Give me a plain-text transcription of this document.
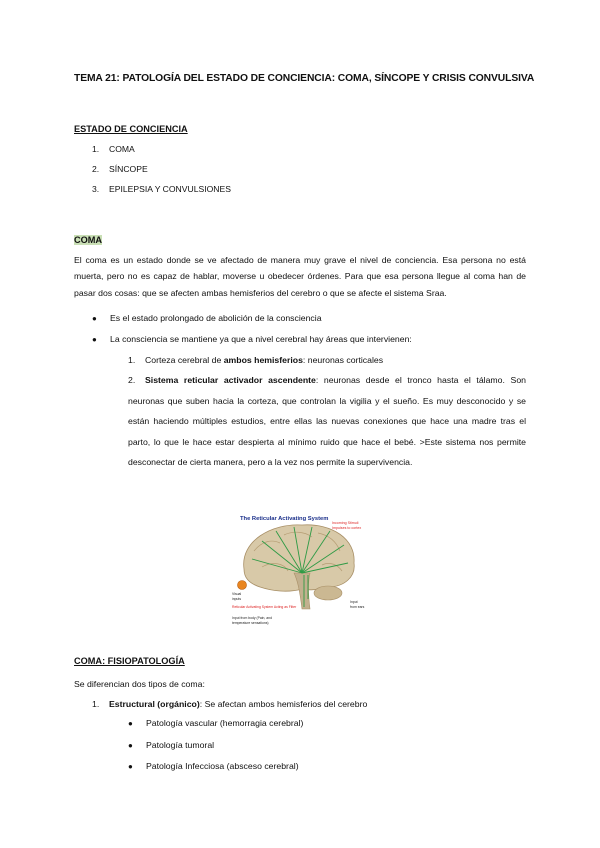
TEMA 21: PATOLOGÍA DEL ESTADO DE CONCIENCIA: COMA, SÍNCOPE Y CRISIS CONVULSIVA
ESTADO DE CONCIENCIA
1. COMA
2. SÍNCOPE
3. EPILEPSIA Y CONVULSIONES
COMA
El coma es un estado donde se ve afectado de manera muy grave el nivel de conciencia. Esa persona no está muerta, pero no es capaz de hablar, moverse u obedecer órdenes. Para que esa persona llegue al coma han de pasar dos cosas: que se afecten ambas hemisferios del cerebro o que se afecte el sistema Sraa.
● Es el estado prolongado de abolición de la consciencia
● La consciencia se mantiene ya que a nivel cerebral hay áreas que intervienen:
1. Corteza cerebral de ambos hemisferios: neuronas corticales
2. Sistema reticular activador ascendente: neuronas desde el tronco hasta el tálamo. Son neuronas que suben hacia la corteza, que controlan la vigilia y el sueño. Es muy desconocido y se están haciendo múltiples estudios, entre ellas las nuevas conexiones que hace una madre tras el parto, lo que le hace estar despierta al mínimo ruido que hace el bebé. >Este sistema nos permite desconectar de cierta manera, pero a la vez nos permite la supervivencia.
The Reticular Activating System
Incoming Stimuli
Impulses to cortex
Visual
inputs
Reticular Activating System Acting as Filter
Input from body (Pain, and
temperature sensations)
Input
from ears
COMA: FISIOPATOLOGÍA
Se diferencian dos tipos de coma:
1. Estructural (orgánico): Se afectan ambos hemisferios del cerebro
● Patología vascular (hemorragia cerebral)
● Patología tumoral
● Patología Infecciosa (absceso cerebral)
